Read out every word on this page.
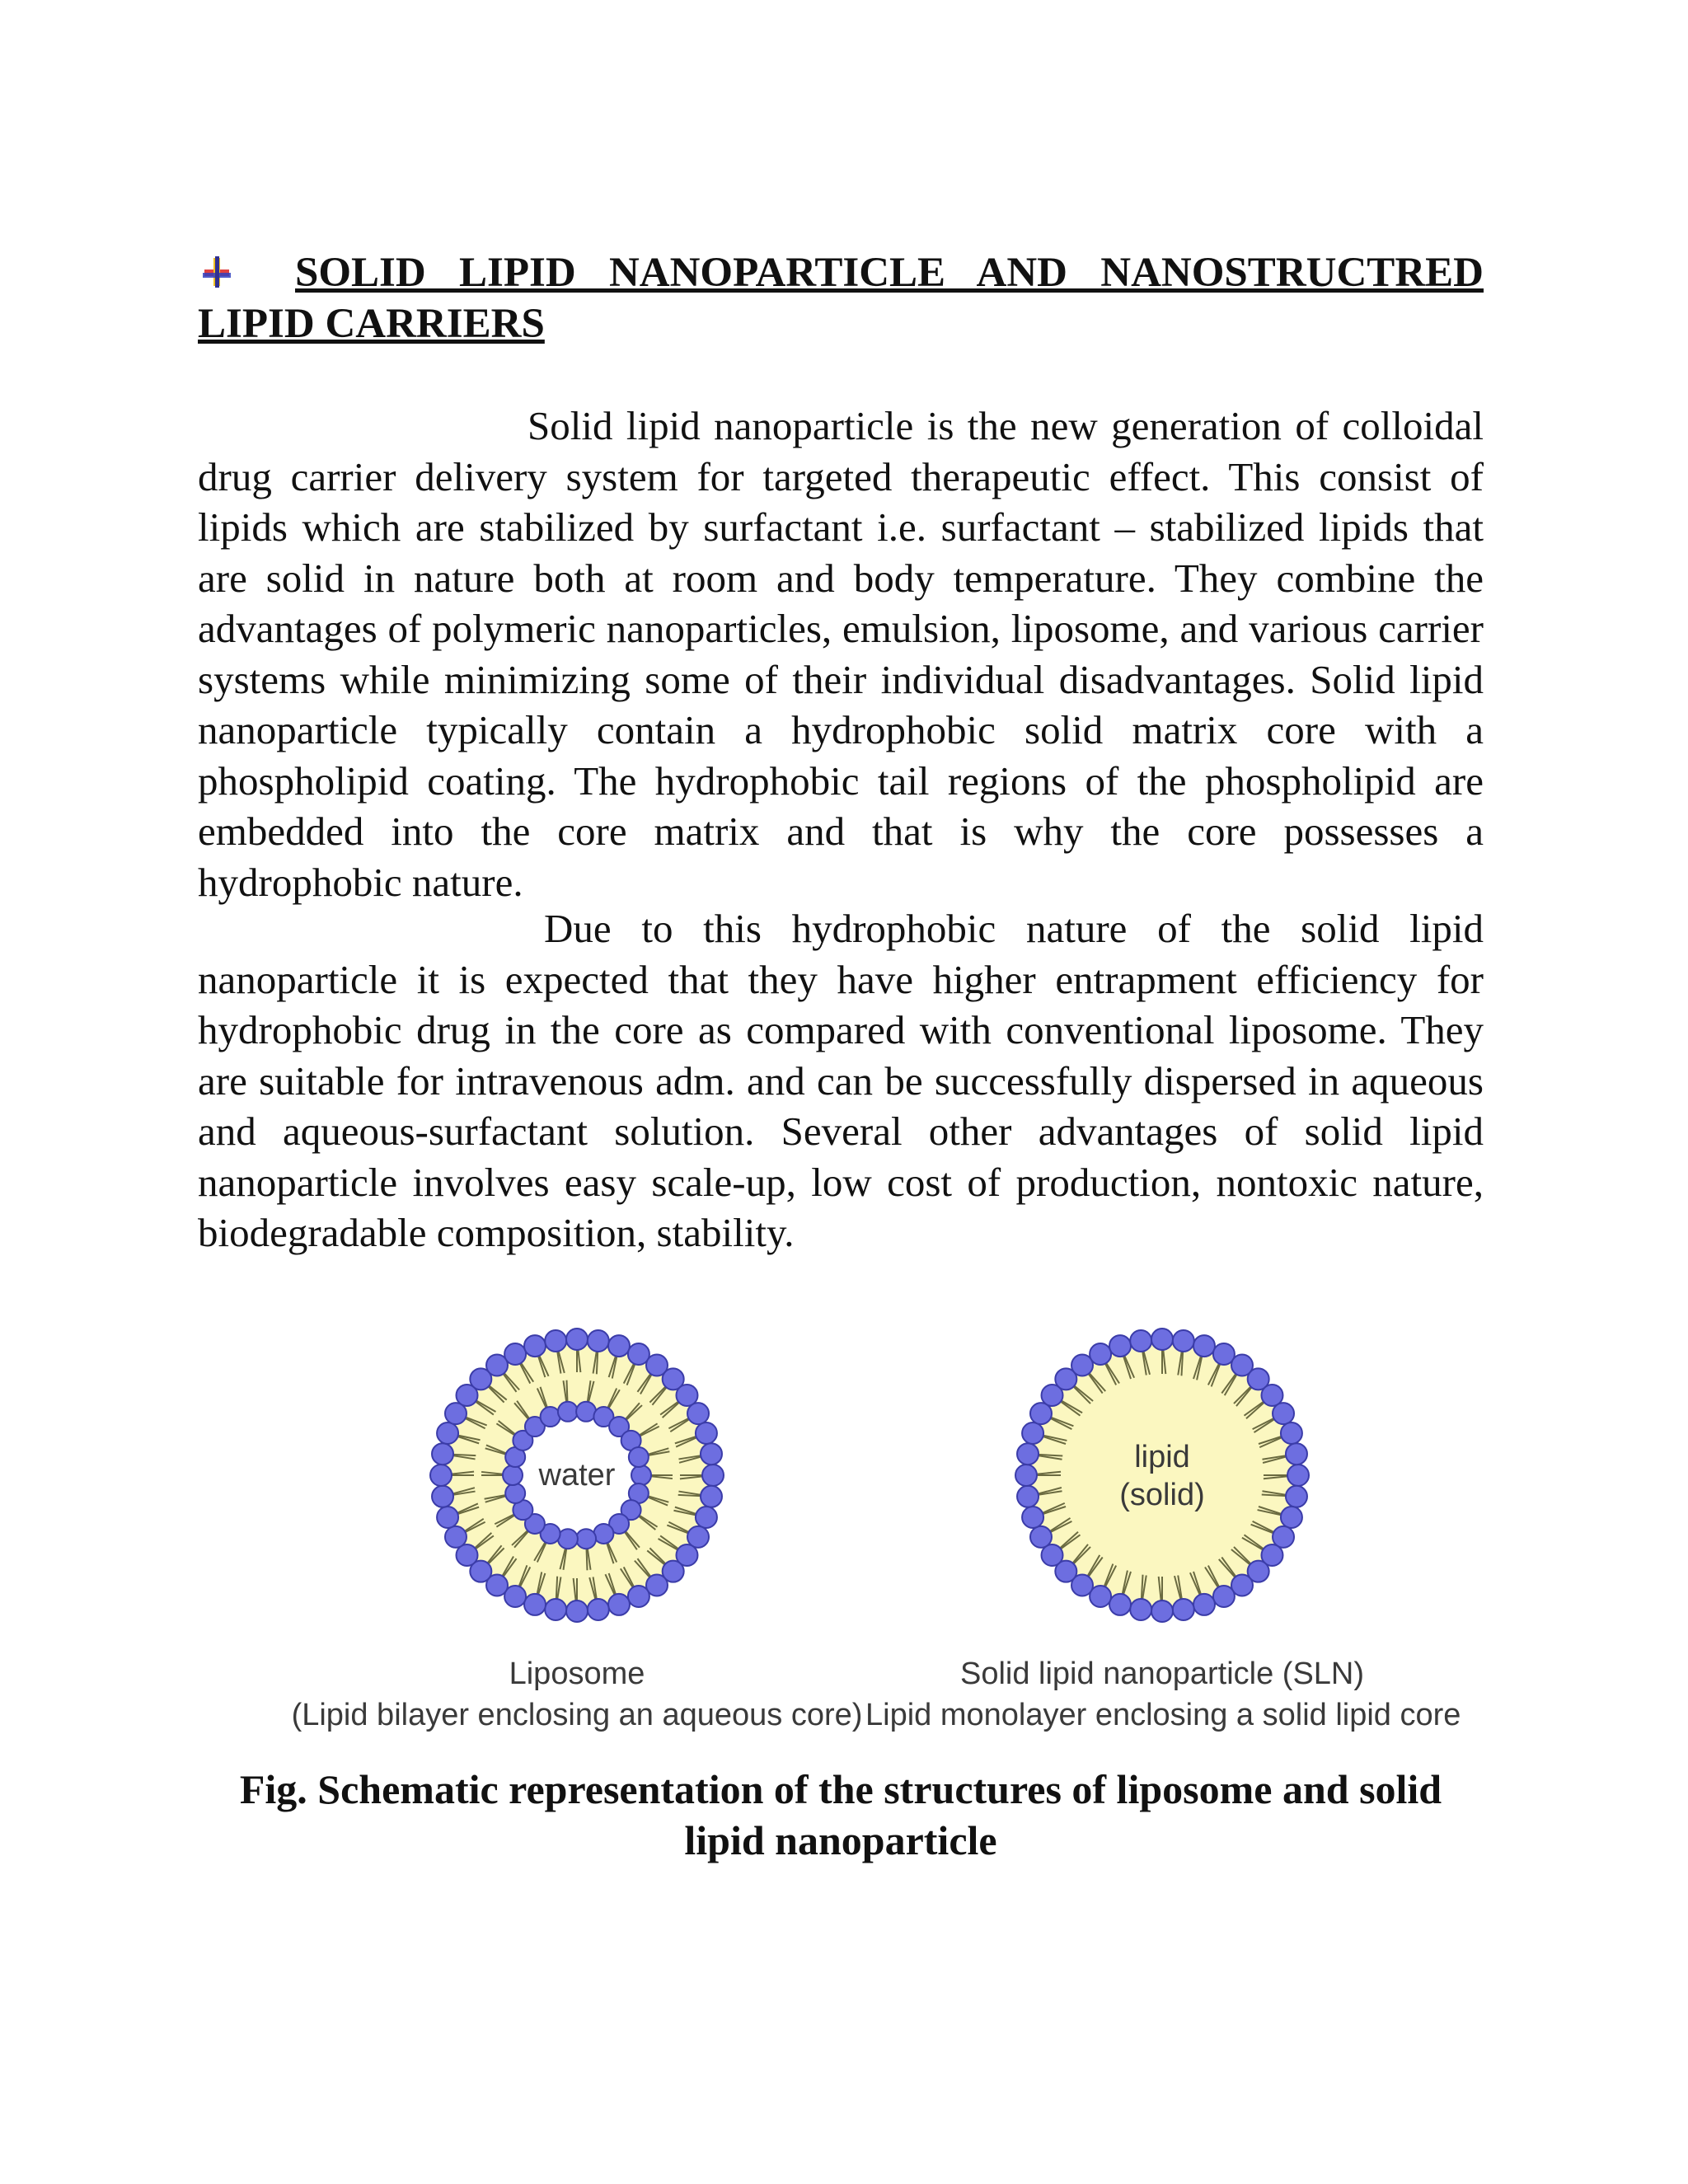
SOLID LIPID NANOPARTICLE AND NANOSTRUCTRED LIPID CARRIERS

Solid lipid nanoparticle is the new generation of colloidal drug carrier delivery system for targeted therapeutic effect. This consist of lipids which are stabilized by surfactant i.e. surfactant – stabilized lipids that are solid in nature both at room and body temperature. They combine the advantages of polymeric nanoparticles, emulsion, liposome, and various carrier systems while minimizing some of their individual disadvantages. Solid lipid nanoparticle typically contain a hydrophobic solid matrix core with a phospholipid coating. The hydrophobic tail regions of the phospholipid are embedded into the core matrix and that is why the core possesses a hydrophobic nature.

Due to this hydrophobic nature of the solid lipid nanoparticle it is expected that they have higher entrapment efficiency for hydrophobic drug in the core as compared with conventional liposome. They are suitable for intravenous adm. and can be successfully dispersed in aqueous and aqueous-surfactant solution. Several other advantages of solid lipid nanoparticle involves easy scale-up, low cost of production, nontoxic nature, biodegradable composition, stability.

water
lipid
(solid)
Liposome
(Lipid bilayer enclosing an aqueous core)
Solid lipid nanoparticle (SLN)
Lipid monolayer enclosing a solid lipid core
Fig. Schematic representation of the structures of liposome and solid lipid nanoparticle
